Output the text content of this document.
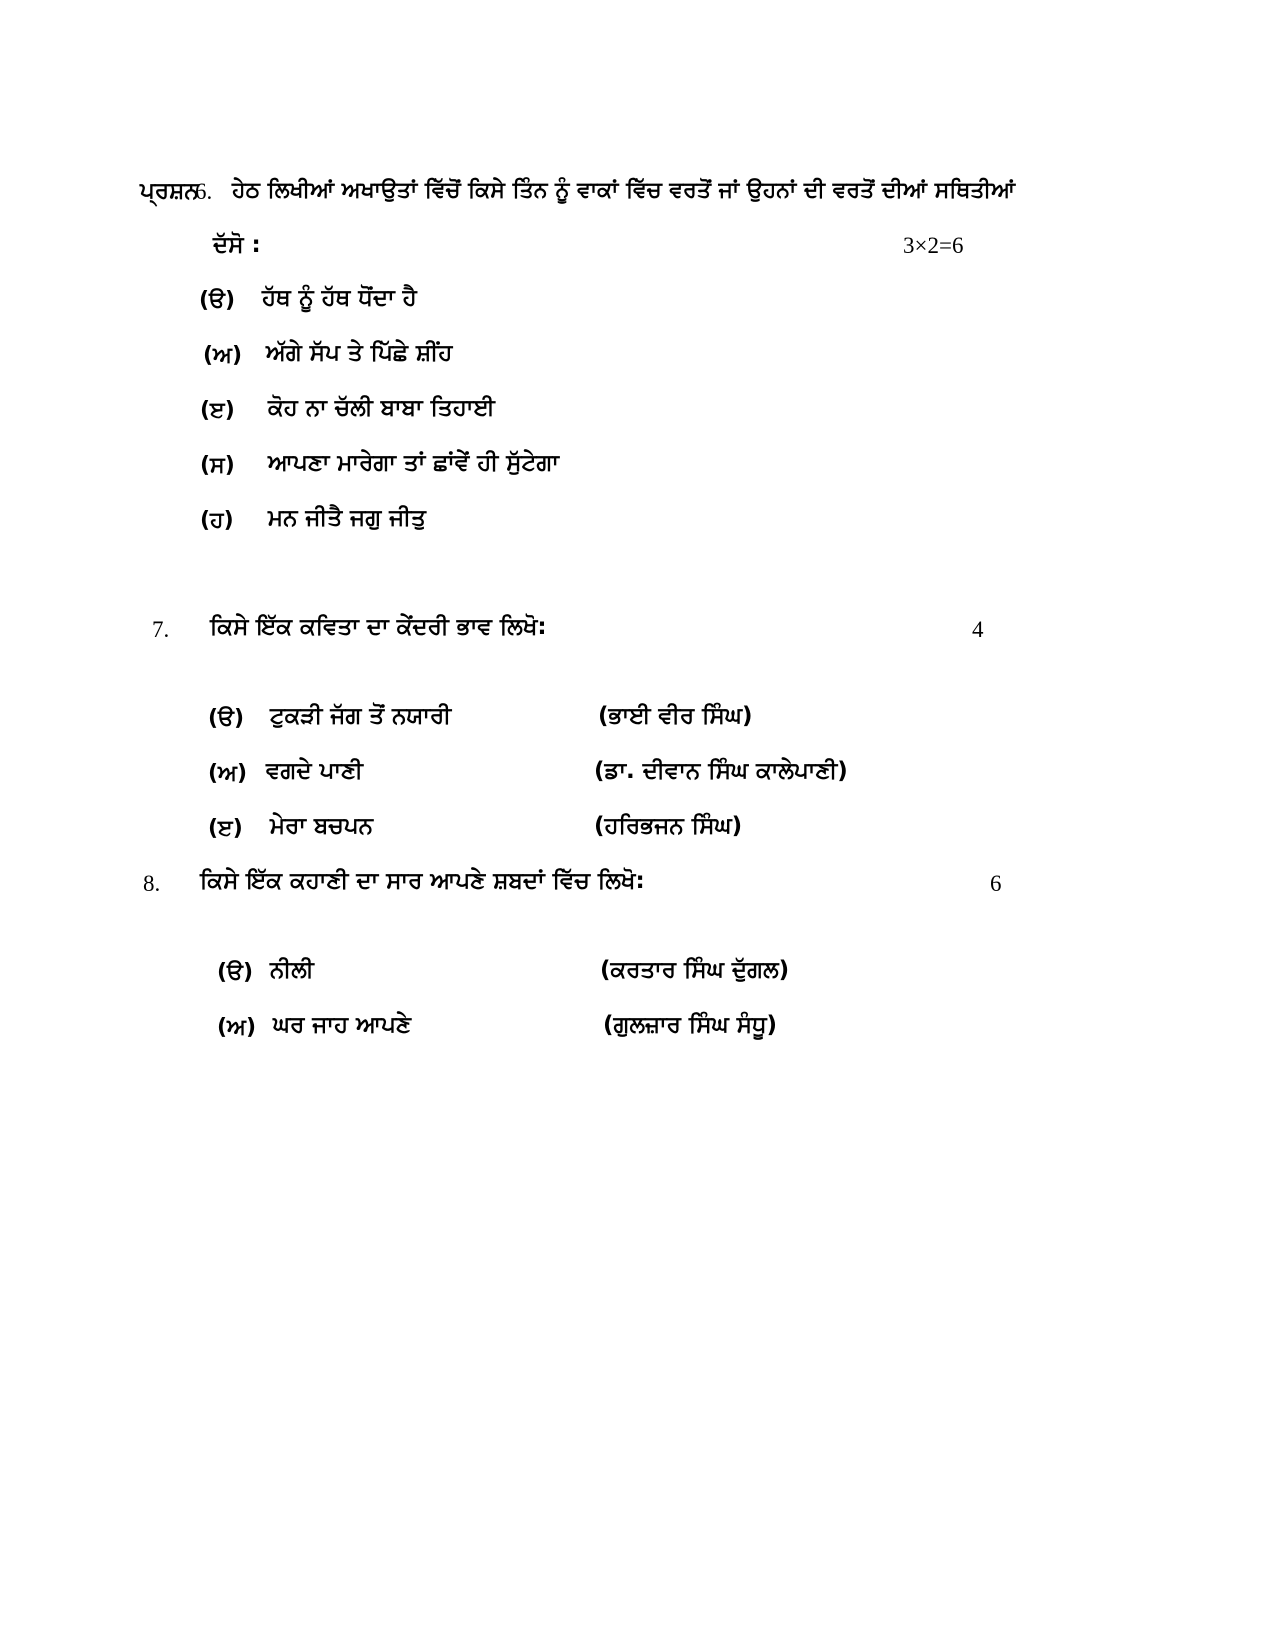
ਪ੍ਰਸ਼ਨ
6. ਹੇਠ ਲਿਖੀਆਂ ਅਖਾਉਤਾਂ ਵਿੱਚੋਂ ਕਿਸੇ ਤਿੰਨ ਨੂੰ ਵਾਕਾਂ ਵਿੱਚ ਵਰਤੋਂ ਜਾਂ ਉਹਨਾਂ ਦੀ ਵਰਤੋਂ ਦੀਆਂ ਸਥਿਤੀਆਂ
ਦੱਸੋ :	3×2=6
(ੳ) ਹੱਥ ਨੂੰ ਹੱਥ ਧੋਂਦਾ ਹੈ
(ਅ) ਅੱਗੇ ਸੱਪ ਤੇ ਪਿੱਛੇ ਸ਼ੀਂਹ
(ੲ) ਕੋਹ ਨਾ ਚੱਲੀ ਬਾਬਾ ਤਿਹਾਈ
(ਸ) ਆਪਣਾ ਮਾਰੇਗਾ ਤਾਂ ਛਾਂਵੇਂ ਹੀ ਸੁੱਟੇਗਾ
(ਹ) ਮਨ ਜੀਤੈ ਜਗੁ ਜੀਤੁ
7. ਕਿਸੇ ਇੱਕ ਕਵਿਤਾ ਦਾ ਕੇਂਦਰੀ ਭਾਵ ਲਿਖੋ:	4
(ੳ) ਟੁਕੜੀ ਜੱਗ ਤੋਂ ਨਯਾਰੀ	(ਭਾਈ ਵੀਰ ਸਿੰਘ)
(ਅ) ਵਗਦੇ ਪਾਣੀ	(ਡਾ. ਦੀਵਾਨ ਸਿੰਘ ਕਾਲੇਪਾਣੀ)
(ੲ) ਮੇਰਾ ਬਚਪਨ	(ਹਰਿਭਜਨ ਸਿੰਘ)
8. ਕਿਸੇ ਇੱਕ ਕਹਾਣੀ ਦਾ ਸਾਰ ਆਪਣੇ ਸ਼ਬਦਾਂ ਵਿੱਚ ਲਿਖੋ:	6
(ੳ) ਨੀਲੀ	(ਕਰਤਾਰ ਸਿੰਘ ਦੁੱਗਲ)
(ਅ) ਘਰ ਜਾਹ ਆਪਣੇ	(ਗੁਲਜ਼ਾਰ ਸਿੰਘ ਸੰਧੂ)
